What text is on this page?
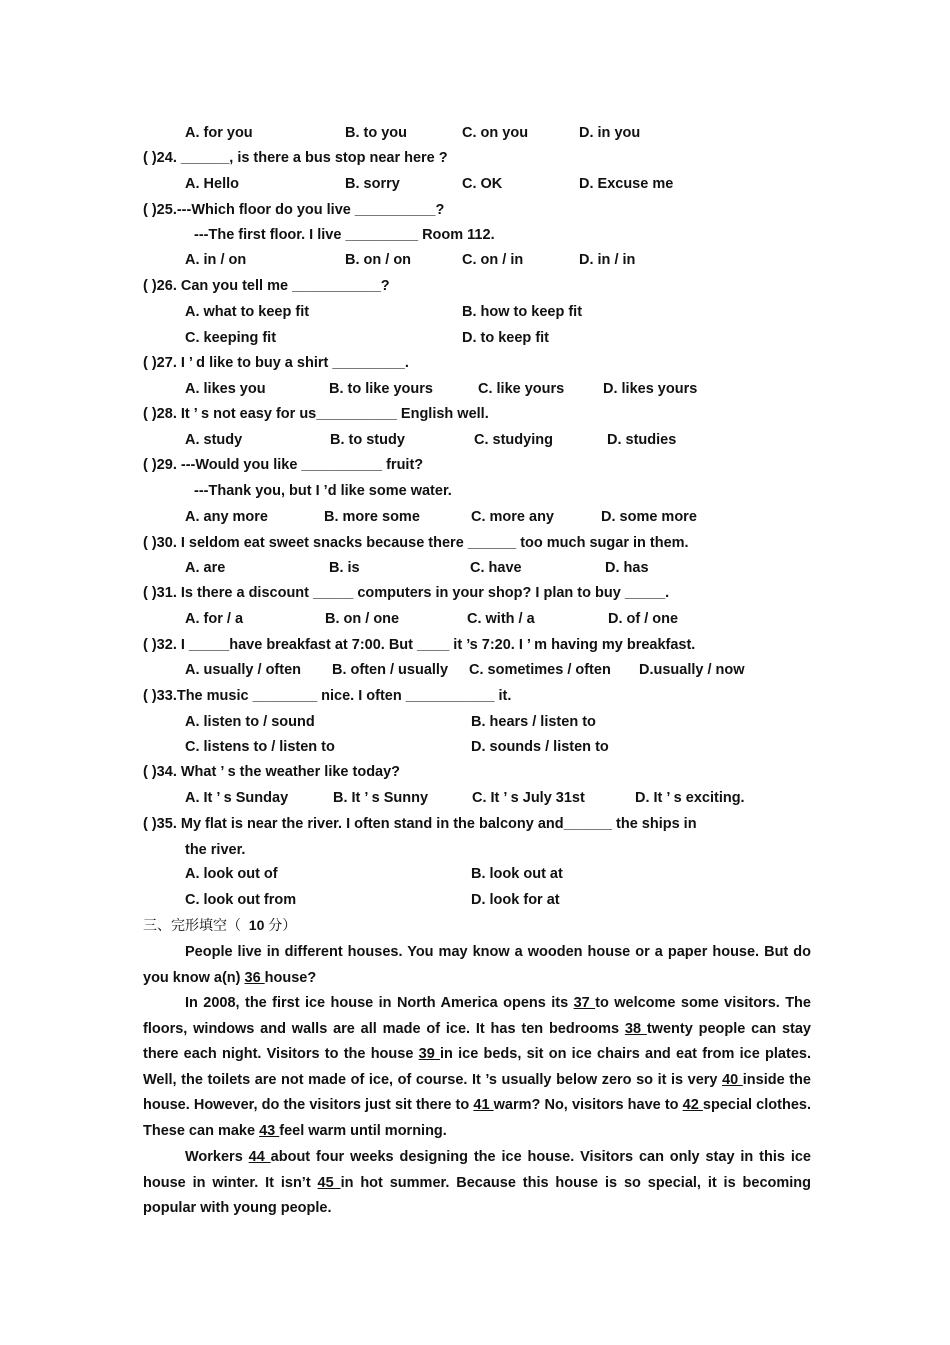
A. for you	B. to you	C. on you	D. in you
( )24. ______, is there a bus stop near here ?
A. Hello	B. sorry	C. OK	D. Excuse me
( )25.---Which floor do you live __________?
---The first floor. I live _________ Room 112.
A. in / on	B. on / on	C. on / in	D. in / in
( )26. Can you tell me ___________?
A. what to keep fit	B. how to keep fit
C. keeping fit	D. to keep fit
( )27. I ’ d like to buy a shirt _________.
A. likes you	B. to like yours	C. like yours	D. likes yours
( )28. It ’ s not easy for us__________ English well.
A. study	B. to study	C. studying	D. studies
( )29. ---Would you like __________ fruit?
---Thank you, but I ’d like some water.
A. any more	B. more some	C. more any	D. some more
( )30. I seldom eat sweet snacks because there ______ too much sugar in them.
A. are	B. is	C. have	D. has
( )31. Is there a discount _____ computers in your shop? I plan to buy _____.
A. for / a	B. on / one	C. with / a	D. of / one
( )32. I _____have breakfast at 7:00. But ____ it ’s 7:20. I ’ m having my breakfast.
A. usually / often B. often / usually C. sometimes / often D.usually / now
( )33.The music ________ nice. I often ___________ it.
A. listen to / sound	B. hears / listen to
C. listens to / listen to	D. sounds / listen to
( )34. What ’ s the weather like today?
A. It ’ s Sunday	B. It ’ s Sunny	C. It ’ s July 31st	D. It ’ s exciting.
( )35. My flat is near the river. I often stand in the balcony and______ the ships in
the river.
A. look out of	B. look out at
C. look out from	D. look for at
三、完形填空（ 10 分）
People live in different houses. You may know a wooden house or a paper house. But do you know a(n) 36 house?
In 2008, the first ice house in North America opens its 37 to welcome some visitors. The floors, windows and walls are all made of ice. It has ten bedrooms 38 twenty people can stay there each night. Visitors to the house 39 in ice beds, sit on ice chairs and eat from ice plates. Well, the toilets are not made of ice, of course. It ’s usually below zero so it is very 40 inside the house. However, do the visitors just sit there to 41 warm? No, visitors have to 42 special clothes. These can make 43 feel warm until morning.
Workers 44 about four weeks designing the ice house. Visitors can only stay in this ice house in winter. It isn’t 45 in hot summer. Because this house is so special, it is becoming popular with young people.
